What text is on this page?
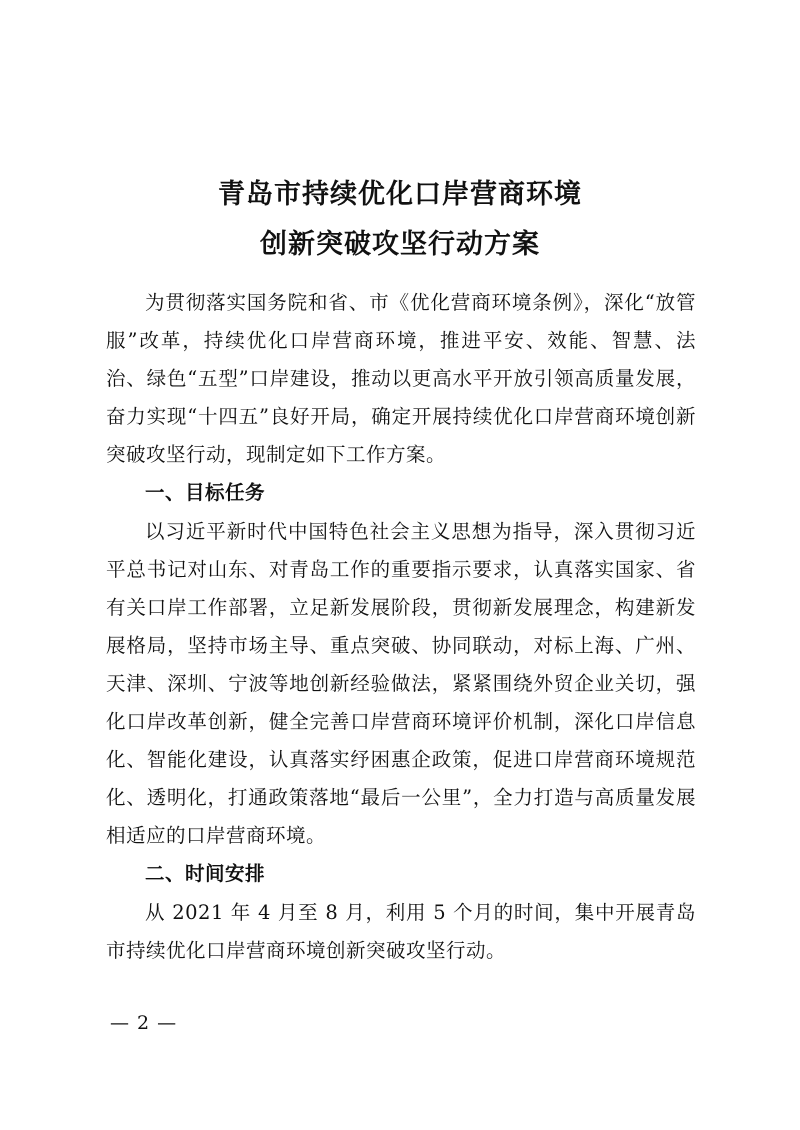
青岛市持续优化口岸营商环境
创新突破攻坚行动方案

为贯彻落实国务院和省、市《优化营商环境条例》，深化“放管服”改革，持续优化口岸营商环境，推进平安、效能、智慧、法治、绿色“五型”口岸建设，推动以更高水平开放引领高质量发展，奋力实现“十四五”良好开局，确定开展持续优化口岸营商环境创新突破攻坚行动，现制定如下工作方案。

一、目标任务

以习近平新时代中国特色社会主义思想为指导，深入贯彻习近平总书记对山东、对青岛工作的重要指示要求，认真落实国家、省有关口岸工作部署，立足新发展阶段，贯彻新发展理念，构建新发展格局，坚持市场主导、重点突破、协同联动，对标上海、广州、天津、深圳、宁波等地创新经验做法，紧紧围绕外贸企业关切，强化口岸改革创新，健全完善口岸营商环境评价机制，深化口岸信息化、智能化建设，认真落实纾困惠企政策，促进口岸营商环境规范化、透明化，打通政策落地“最后一公里”，全力打造与高质量发展相适应的口岸营商环境。

二、时间安排

从 2021 年 4 月至 8 月，利用 5 个月的时间，集中开展青岛市持续优化口岸营商环境创新突破攻坚行动。

— 2 —
